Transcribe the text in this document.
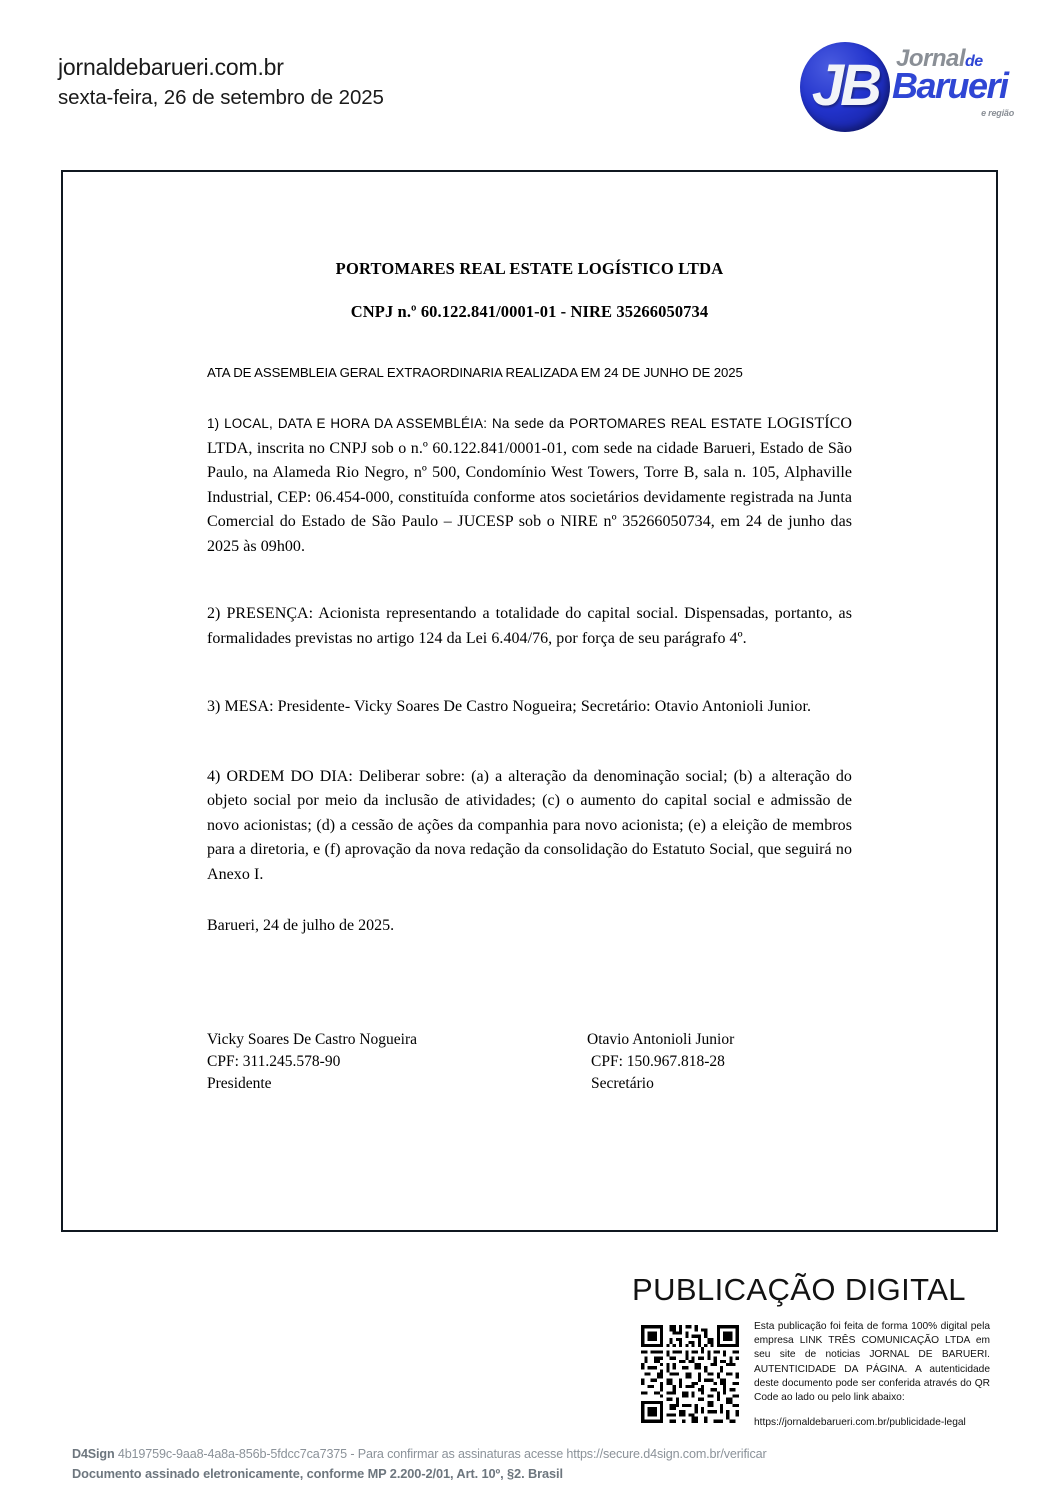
jornaldebarueri.com.br
sexta-feira, 26 de setembro de 2025	JB Jornalde
Barueri
e região
PORTOMARES REAL ESTATE LOGÍSTICO LTDA
CNPJ n.º 60.122.841/0001-01 - NIRE 35266050734
ATA DE ASSEMBLEIA GERAL EXTRAORDINARIA REALIZADA EM 24 DE JUNHO DE 2025
1) LOCAL, DATA E HORA DA ASSEMBLÉIA: Na sede da PORTOMARES REAL ESTATE LOGISTÍCO LTDA, inscrita no CNPJ sob o n.º 60.122.841/0001-01, com sede na cidade Barueri, Estado de São Paulo, na Alameda Rio Negro, nº 500, Condomínio West Towers, Torre B, sala n. 105, Alphaville Industrial, CEP: 06.454-000, constituída conforme atos societários devidamente registrada na Junta Comercial do Estado de São Paulo – JUCESP sob o NIRE nº 35266050734, em 24 de junho das 2025 às 09h00.
2) PRESENÇA: Acionista representando a totalidade do capital social. Dispensadas, portanto, as formalidades previstas no artigo 124 da Lei 6.404/76, por força de seu parágrafo 4º.
3) MESA: Presidente- Vicky Soares De Castro Nogueira; Secretário: Otavio Antonioli Junior.
4) ORDEM DO DIA: Deliberar sobre: (a) a alteração da denominação social; (b) a alteração do objeto social por meio da inclusão de atividades; (c) o aumento do capital social e admissão de novo acionistas; (d) a cessão de ações da companhia para novo acionista; (e) a eleição de membros para a diretoria, e (f) aprovação da nova redação da consolidação do Estatuto Social, que seguirá no Anexo I.
Barueri, 24 de julho de 2025.
Vicky Soares De Castro Nogueira
CPF: 311.245.578-90
Presidente
Otavio Antonioli Junior
CPF: 150.967.818-28
Secretário
PUBLICAÇÃO DIGITAL
Esta publicação foi feita de forma 100% digital pela empresa LINK TRÊS COMUNICAÇÃO LTDA em seu site de noticias JORNAL DE BARUERI. AUTENTICIDADE DA PÁGINA. A autenticidade deste documento pode ser conferida através do QR Code ao lado ou pelo link abaixo:
https://jornaldebarueri.com.br/publicidade-legal
D4Sign 4b19759c-9aa8-4a8a-856b-5fdcc7ca7375 - Para confirmar as assinaturas acesse https://secure.d4sign.com.br/verificar
Documento assinado eletronicamente, conforme MP 2.200-2/01, Art. 10º, §2. Brasil
